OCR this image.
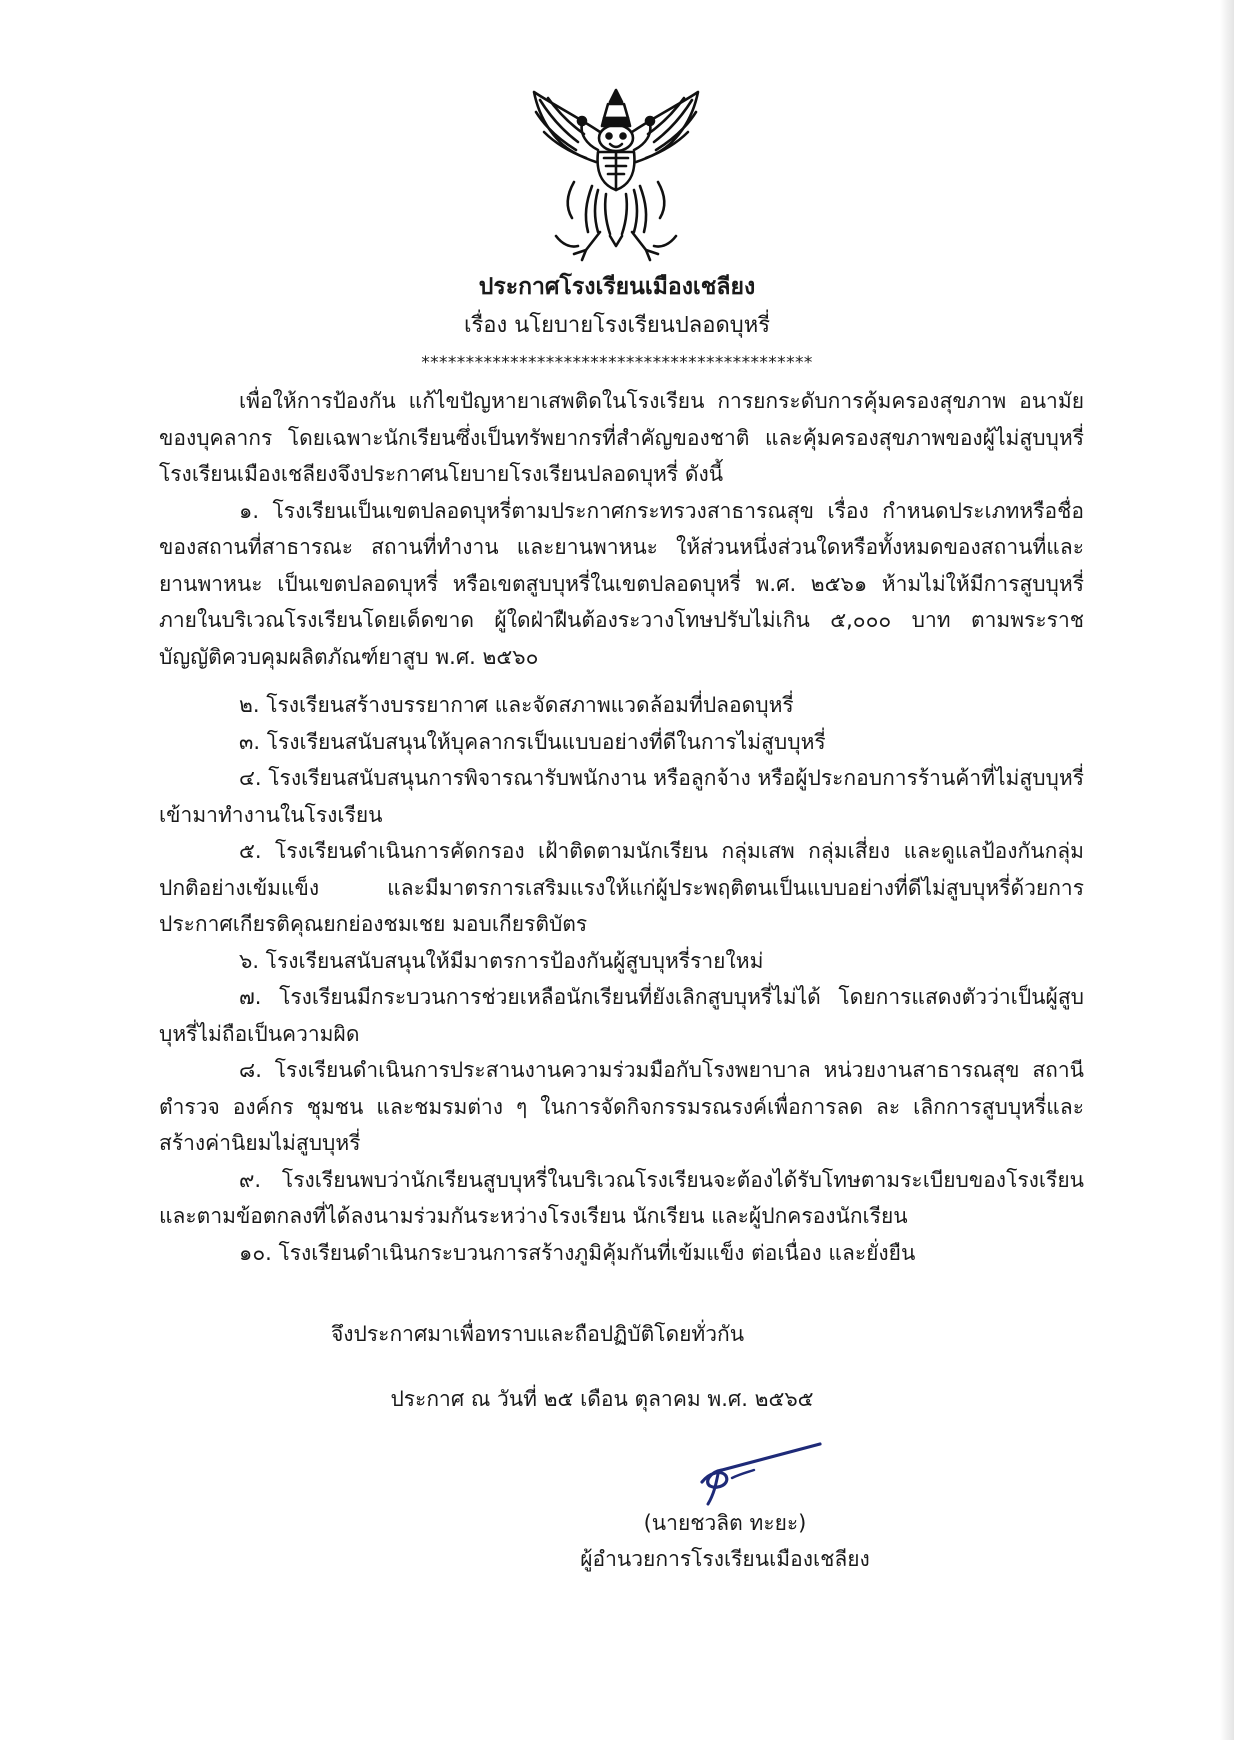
ประกาศโรงเรียนเมืองเชลียง
เรื่อง นโยบายโรงเรียนปลอดบุหรี่
********************************************

เพื่อให้การป้องกัน แก้ไขปัญหายาเสพติดในโรงเรียน การยกระดับการคุ้มครองสุขภาพ อนามัยของบุคลากร โดยเฉพาะนักเรียนซึ่งเป็นทรัพยากรที่สำคัญของชาติ และคุ้มครองสุขภาพของผู้ไม่สูบบุหรี่ โรงเรียนเมืองเชลียงจึงประกาศนโยบายโรงเรียนปลอดบุหรี่ ดังนี้

๑. โรงเรียนเป็นเขตปลอดบุหรี่ตามประกาศกระทรวงสาธารณสุข เรื่อง กำหนดประเภทหรือชื่อของสถานที่สาธารณะ สถานที่ทำงาน และยานพาหนะ ให้ส่วนหนึ่งส่วนใดหรือทั้งหมดของสถานที่และยานพาหนะ เป็นเขตปลอดบุหรี่ หรือเขตสูบบุหรี่ในเขตปลอดบุหรี่ พ.ศ. ๒๕๖๑ ห้ามไม่ให้มีการสูบบุหรี่ภายในบริเวณโรงเรียนโดยเด็ดขาด ผู้ใดฝ่าฝืนต้องระวางโทษปรับไม่เกิน ๕,๐๐๐ บาท ตามพระราชบัญญัติควบคุมผลิตภัณฑ์ยาสูบ พ.ศ. ๒๕๖๐

๒. โรงเรียนสร้างบรรยากาศ และจัดสภาพแวดล้อมที่ปลอดบุหรี่

๓. โรงเรียนสนับสนุนให้บุคลากรเป็นแบบอย่างที่ดีในการไม่สูบบุหรี่

๔. โรงเรียนสนับสนุนการพิจารณารับพนักงาน หรือลูกจ้าง หรือผู้ประกอบการร้านค้าที่ไม่สูบบุหรี่เข้ามาทำงานในโรงเรียน

๕. โรงเรียนดำเนินการคัดกรอง เฝ้าติดตามนักเรียน กลุ่มเสพ กลุ่มเสี่ยง และดูแลป้องกันกลุ่มปกติอย่างเข้มแข็ง และมีมาตรการเสริมแรงให้แก่ผู้ประพฤติตนเป็นแบบอย่างที่ดีไม่สูบบุหรี่ด้วยการประกาศเกียรติคุณยกย่องชมเชย มอบเกียรติบัตร

๖. โรงเรียนสนับสนุนให้มีมาตรการป้องกันผู้สูบบุหรี่รายใหม่

๗. โรงเรียนมีกระบวนการช่วยเหลือนักเรียนที่ยังเลิกสูบบุหรี่ไม่ได้ โดยการแสดงตัวว่าเป็นผู้สูบบุหรี่ไม่ถือเป็นความผิด

๘. โรงเรียนดำเนินการประสานงานความร่วมมือกับโรงพยาบาล หน่วยงานสาธารณสุข สถานีตำรวจ องค์กร ชุมชน และชมรมต่าง ๆ ในการจัดกิจกรรมรณรงค์เพื่อการลด ละ เลิกการสูบบุหรี่และสร้างค่านิยมไม่สูบบุหรี่

๙. โรงเรียนพบว่านักเรียนสูบบุหรี่ในบริเวณโรงเรียนจะต้องได้รับโทษตามระเบียบของโรงเรียนและตามข้อตกลงที่ได้ลงนามร่วมกันระหว่างโรงเรียน นักเรียน และผู้ปกครองนักเรียน

๑๐. โรงเรียนดำเนินกระบวนการสร้างภูมิคุ้มกันที่เข้มแข็ง ต่อเนื่อง และยั่งยืน

จึงประกาศมาเพื่อทราบและถือปฏิบัติโดยทั่วกัน
ประกาศ ณ วันที่ ๒๕ เดือน ตุลาคม พ.ศ. ๒๕๖๕
(นายชวลิต ทะยะ)
ผู้อำนวยการโรงเรียนเมืองเชลียง
